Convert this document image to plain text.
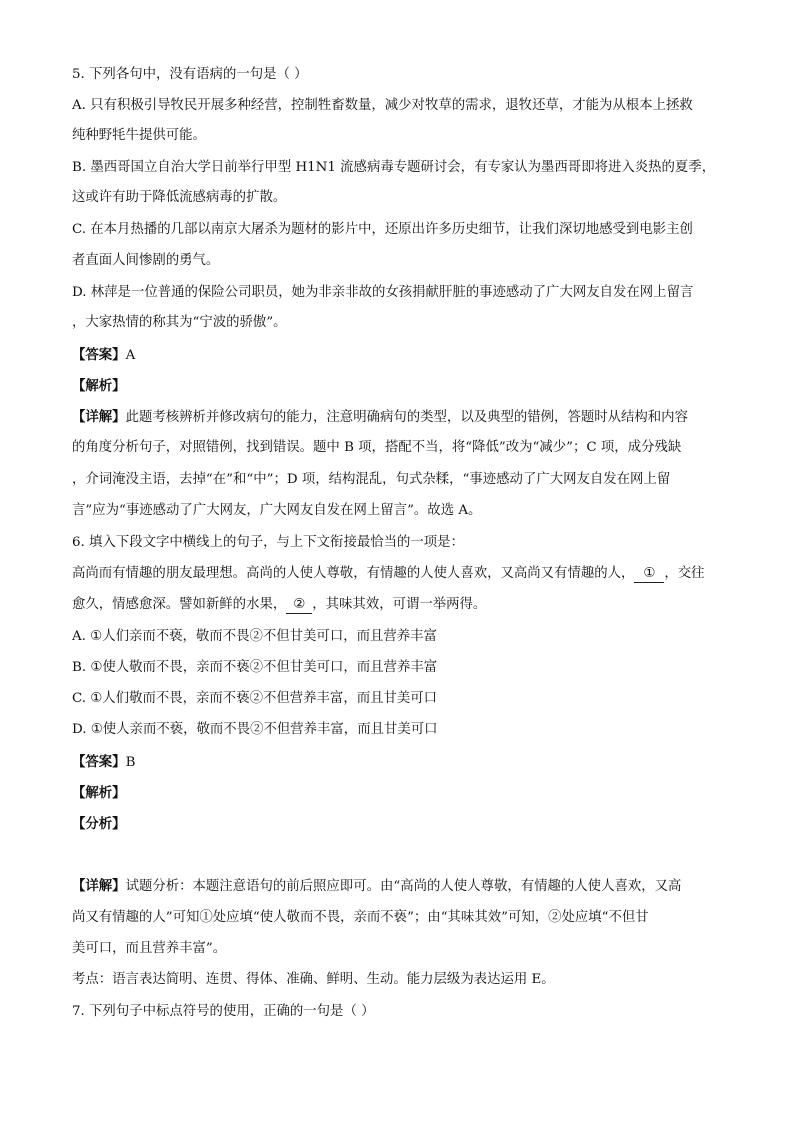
5. 下列各句中，没有语病的一句是（ ）
A. 只有积极引导牧民开展多种经营，控制牲畜数量，减少对牧草的需求，退牧还草，才能为从根本上拯救
纯种野牦牛提供可能。
B. 墨西哥国立自治大学日前举行甲型 H1N1 流感病毒专题研讨会，有专家认为墨西哥即将进入炎热的夏季，
这或许有助于降低流感病毒的扩散。
C. 在本月热播的几部以南京大屠杀为题材的影片中，还原出许多历史细节，让我们深切地感受到电影主创
者直面人间惨剧的勇气。
D. 林萍是一位普通的保险公司职员，她为非亲非故的女孩捐献肝脏的事迹感动了广大网友自发在网上留言
，大家热情的称其为“宁波的骄傲”。
【答案】A
【解析】
【详解】此题考核辨析并修改病句的能力，注意明确病句的类型，以及典型的错例，答题时从结构和内容
的角度分析句子，对照错例，找到错误。题中 B 项，搭配不当，将“降低”改为“减少”；C 项，成分残缺
，介词淹没主语，去掉“在”和“中”；D 项，结构混乱，句式杂糅，“事迹感动了广大网友自发在网上留
言”应为“事迹感动了广大网友，广大网友自发在网上留言”。故选 A。
6. 填入下段文字中横线上的句子，与上下文衔接最恰当的一项是：
高尚而有情趣的朋友最理想。高尚的人使人尊敬，有情趣的人使人喜欢，又高尚又有情趣的人， ① ，交往
愈久，情感愈深。譬如新鲜的水果， ② ，其味其效，可谓一举两得。
A. ①人们亲而不亵，敬而不畏②不但甘美可口，而且营养丰富
B. ①使人敬而不畏，亲而不亵②不但甘美可口，而且营养丰富
C. ①人们敬而不畏，亲而不亵②不但营养丰富，而且甘美可口
D. ①使人亲而不亵，敬而不畏②不但营养丰富，而且甘美可口
【答案】B
【解析】
【分析】
【详解】试题分析：本题注意语句的前后照应即可。由“高尚的人使人尊敬，有情趣的人使人喜欢，又高
尚又有情趣的人”可知①处应填“使人敬而不畏，亲而不亵”；由“其味其效”可知，②处应填“不但甘
美可口，而且营养丰富”。
考点：语言表达简明、连贯、得体、准确、鲜明、生动。能力层级为表达运用 E。
7. 下列句子中标点符号的使用，正确的一句是（ ）
